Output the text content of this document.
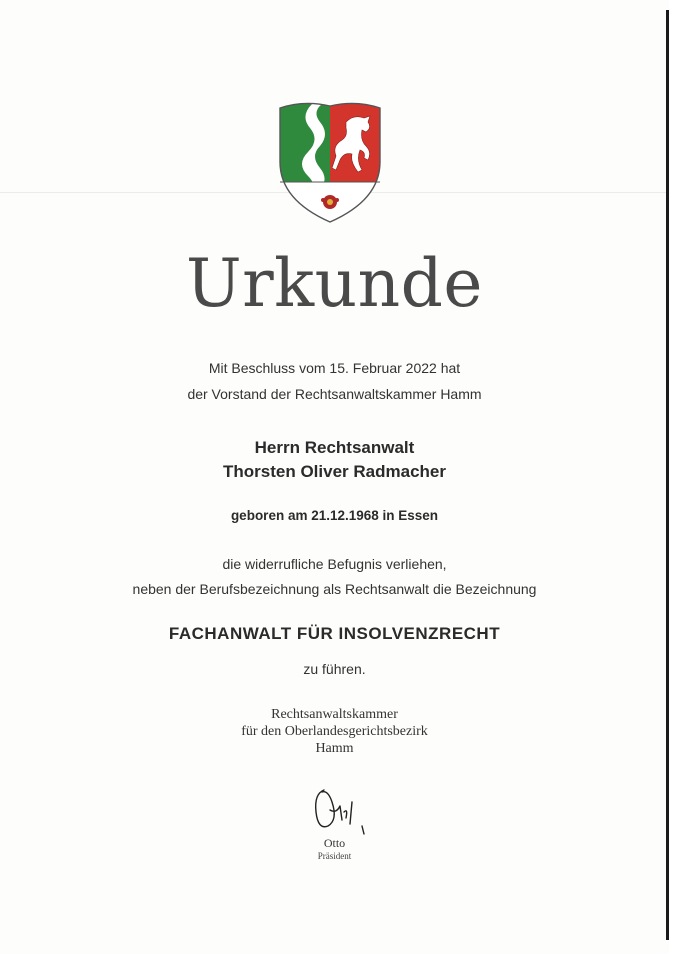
Urkunde
Mit Beschluss vom 15. Februar 2022 hat
der Vorstand der Rechtsanwaltskammer Hamm
Herrn Rechtsanwalt
Thorsten Oliver Radmacher
geboren am 21.12.1968 in Essen
die widerrufliche Befugnis verliehen,
neben der Berufsbezeichnung als Rechtsanwalt die Bezeichnung
FACHANWALT FÜR INSOLVENZRECHT
zu führen.
Rechtsanwaltskammer
für den Oberlandesgerichtsbezirk
Hamm
Otto
Präsident
